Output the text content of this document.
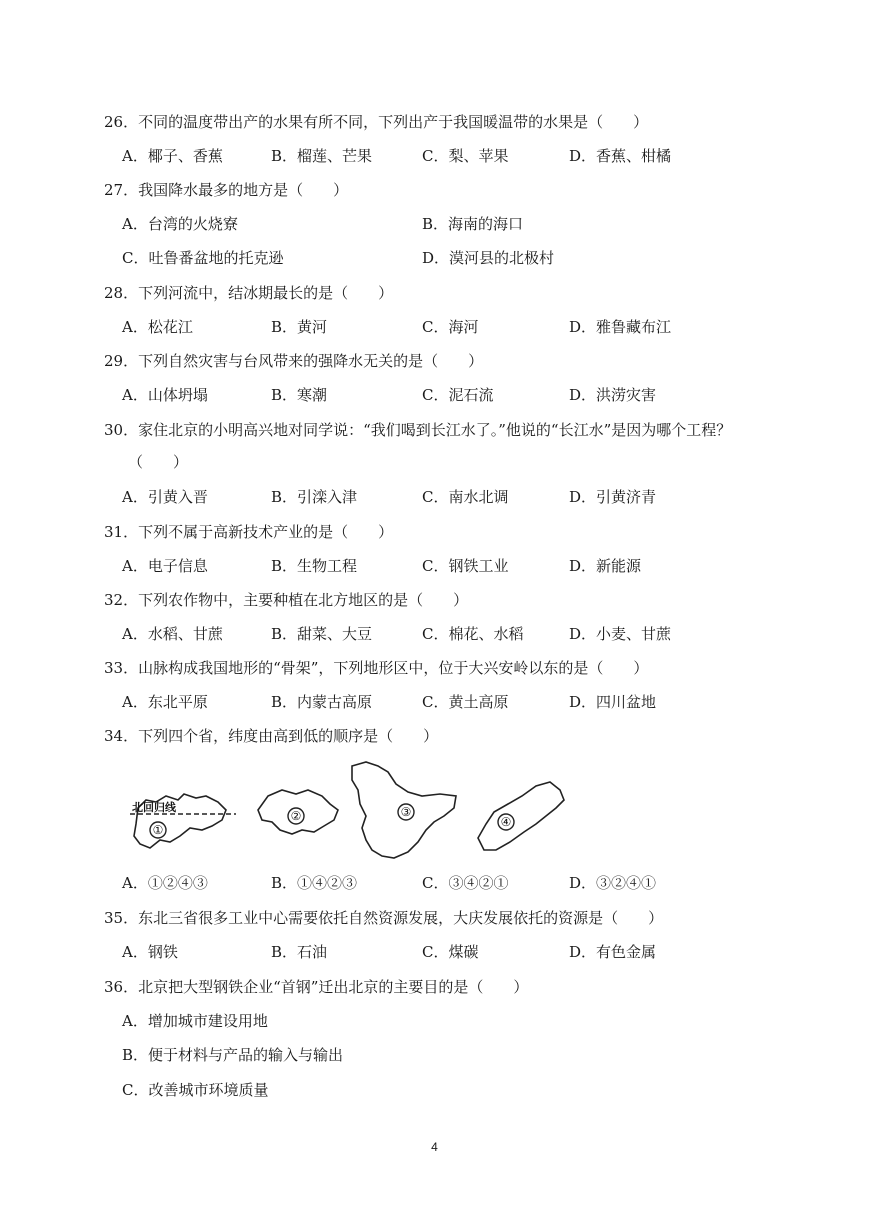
26．不同的温度带出产的水果有所不同，下列出产于我国暖温带的水果是（　　）
A．椰子、香蕉	B．榴莲、芒果	C．梨、苹果	D．香蕉、柑橘
27．我国降水最多的地方是（　　）
A．台湾的火烧寮	B．海南的海口
C．吐鲁番盆地的托克逊	D．漠河县的北极村
28．下列河流中，结冰期最长的是（　　）
A．松花江	B．黄河	C．海河	D．雅鲁藏布江
29．下列自然灾害与台风带来的强降水无关的是（　　）
A．山体坍塌	B．寒潮	C．泥石流	D．洪涝灾害
30．家住北京的小明高兴地对同学说：“我们喝到长江水了。”他说的“长江水”是因为哪个工程？
（　　）
A．引黄入晋	B．引滦入津	C．南水北调	D．引黄济青
31．下列不属于高新技术产业的是（　　）
A．电子信息	B．生物工程	C．钢铁工业	D．新能源
32．下列农作物中，主要种植在北方地区的是（　　）
A．水稻、甘蔗	B．甜菜、大豆	C．棉花、水稻	D．小麦、甘蔗
33．山脉构成我国地形的“骨架”，下列地形区中，位于大兴安岭以东的是（　　）
A．东北平原	B．内蒙古高原	C．黄土高原	D．四川盆地
34．下列四个省，纬度由高到低的顺序是（　　）
北回归线
①
②	③
④
A．①②④③	B．①④②③	C．③④②①	D．③②④①
35．东北三省很多工业中心需要依托自然资源发展，大庆发展依托的资源是（　　）
A．钢铁	B．石油	C．煤碳	D．有色金属
36．北京把大型钢铁企业“首钢”迁出北京的主要目的是（　　）
A．增加城市建设用地
B．便于材料与产品的输入与输出
C．改善城市环境质量
4
